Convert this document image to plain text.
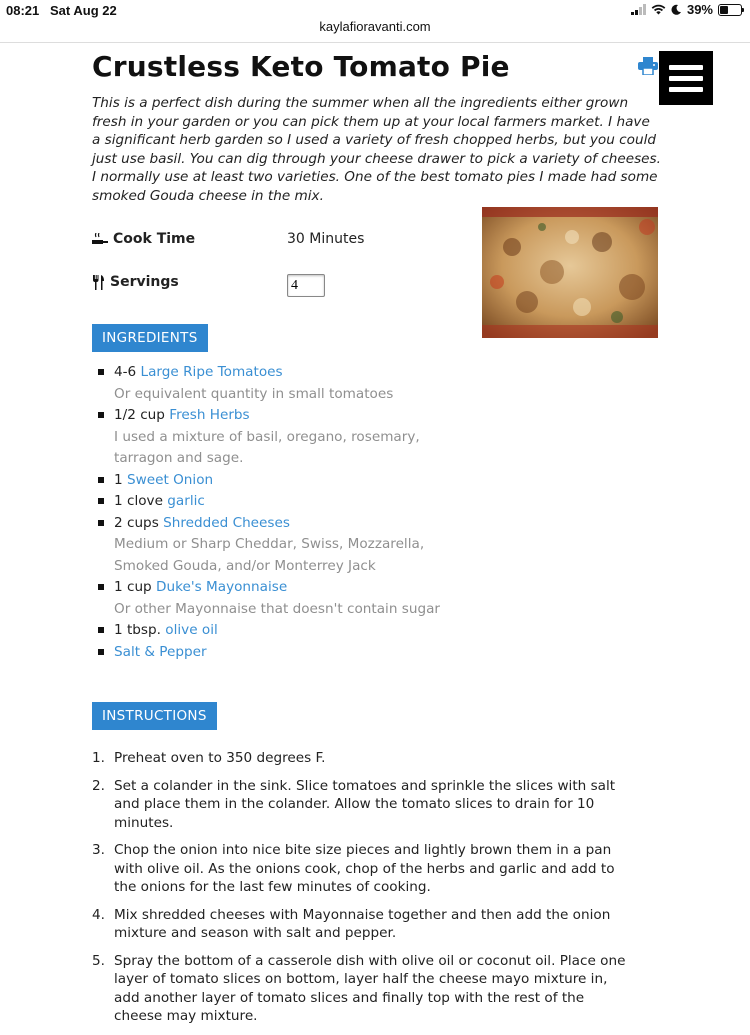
08:21 Sat Aug 22	39%
kaylafioravanti.com
Crustless Keto Tomato Pie

This is a perfect dish during the summer when all the ingredients either grown fresh in your garden or you can pick them up at your local farmers market. I have a significant herb garden so I used a variety of fresh chopped herbs, but you could just use basil. You can dig through your cheese drawer to pick a variety of cheeses. I normally use at least two varieties. One of the best tomato pies I made had some smoked Gouda cheese in the mix.

Cook Time	30 Minutes
Servings
4
INGREDIENTS
4-6 Large Ripe Tomatoes
Or equivalent quantity in small tomatoes
1/2 cup Fresh Herbs
I used a mixture of basil, oregano, rosemary, tarragon and sage.
1 Sweet Onion
1 clove garlic
2 cups Shredded Cheeses
Medium or Sharp Cheddar, Swiss, Mozzarella, Smoked Gouda, and/or Monterrey Jack
1 cup Duke's Mayonnaise
Or other Mayonnaise that doesn't contain sugar
1 tbsp. olive oil
Salt & Pepper
INSTRUCTIONS
1. Preheat oven to 350 degrees F.
2. Set a colander in the sink. Slice tomatoes and sprinkle the slices with salt and place them in the colander. Allow the tomato slices to drain for 10 minutes.
3. Chop the onion into nice bite size pieces and lightly brown them in a pan with olive oil. As the onions cook, chop of the herbs and garlic and add to the onions for the last few minutes of cooking.
4. Mix shredded cheeses with Mayonnaise together and then add the onion mixture and season with salt and pepper.
5. Spray the bottom of a casserole dish with olive oil or coconut oil. Place one layer of tomato slices on bottom, layer half the cheese mayo mixture in, add another layer of tomato slices and finally top with the rest of the cheese may mixture.
